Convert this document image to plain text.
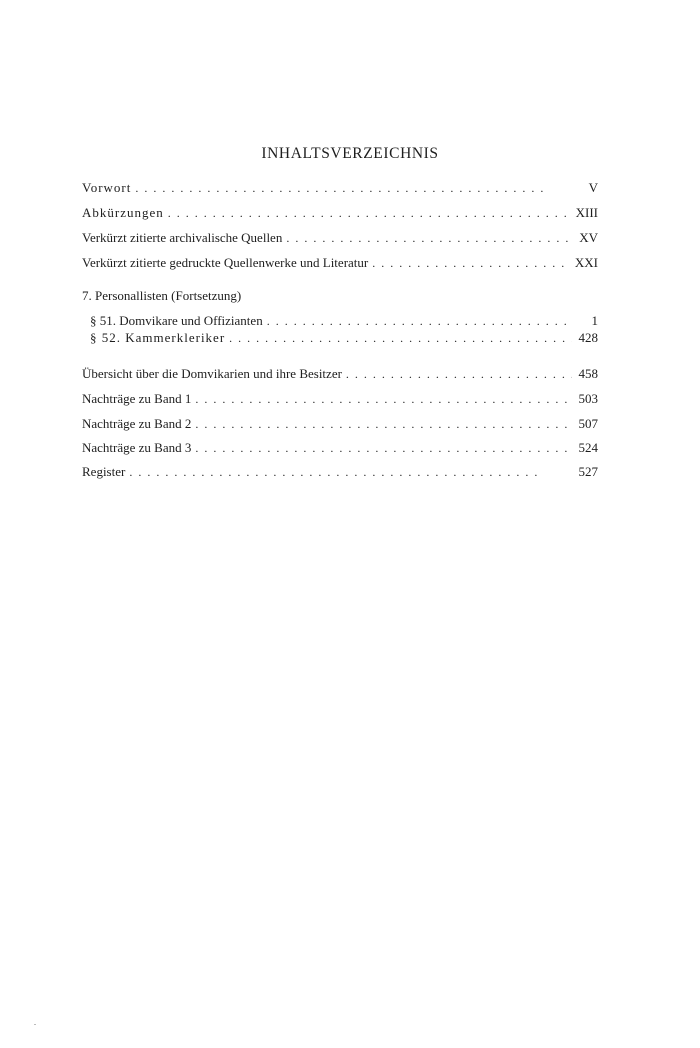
INHALTSVERZEICHNIS
Vorwort . .	V
Abkürzungen . .	XIII
Verkürzt zitierte archivalische Quellen . .	XV
Verkürzt zitierte gedruckte Quellenwerke und Literatur . .	XXI
7. Personallisten (Fortsetzung)
§ 51. Domvikare und Offizianten . .	1
§ 52. Kammerkleriker . .	428
Übersicht über die Domvikarien und ihre Besitzer . .	458
Nachträge zu Band 1 . .	503
Nachträge zu Band 2 . .	507
Nachträge zu Band 3 . .	524
Register . .	527
